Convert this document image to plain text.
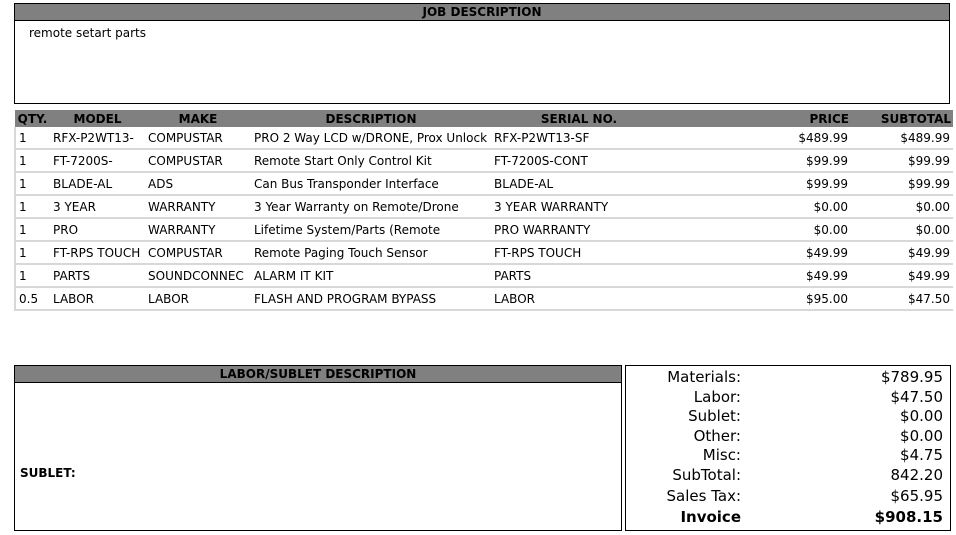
JOB DESCRIPTION
remote setart parts
QTY.	MODEL	MAKE	DESCRIPTION	SERIAL NO.	PRICE	SUBTOTAL
1	RFX-P2WT13-	COMPUSTAR	PRO 2 Way LCD w/DRONE, Prox Unlock	RFX-P2WT13-SF	$489.99	$489.99
1	FT-7200S-	COMPUSTAR	Remote Start Only Control Kit	FT-7200S-CONT	$99.99	$99.99
1	BLADE-AL	ADS	Can Bus Transponder Interface	BLADE-AL	$99.99	$99.99
1	3 YEAR	WARRANTY	3 Year Warranty on Remote/Drone	3 YEAR WARRANTY	$0.00	$0.00
1	PRO	WARRANTY	Lifetime System/Parts (Remote	PRO WARRANTY	$0.00	$0.00
1	FT-RPS TOUCH	COMPUSTAR	Remote Paging Touch Sensor	FT-RPS TOUCH	$49.99	$49.99
1	PARTS	SOUNDCONNEC	ALARM IT KIT	PARTS	$49.99	$49.99
0.5	LABOR	LABOR	FLASH AND PROGRAM BYPASS	LABOR	$95.00	$47.50
LABOR/SUBLET DESCRIPTION
SUBLET:
Materials:	$789.95
Labor:	$47.50
Sublet:	$0.00
Other:	$0.00
Misc:	$4.75
SubTotal:	842.20
Sales Tax:	$65.95
Invoice	$908.15
